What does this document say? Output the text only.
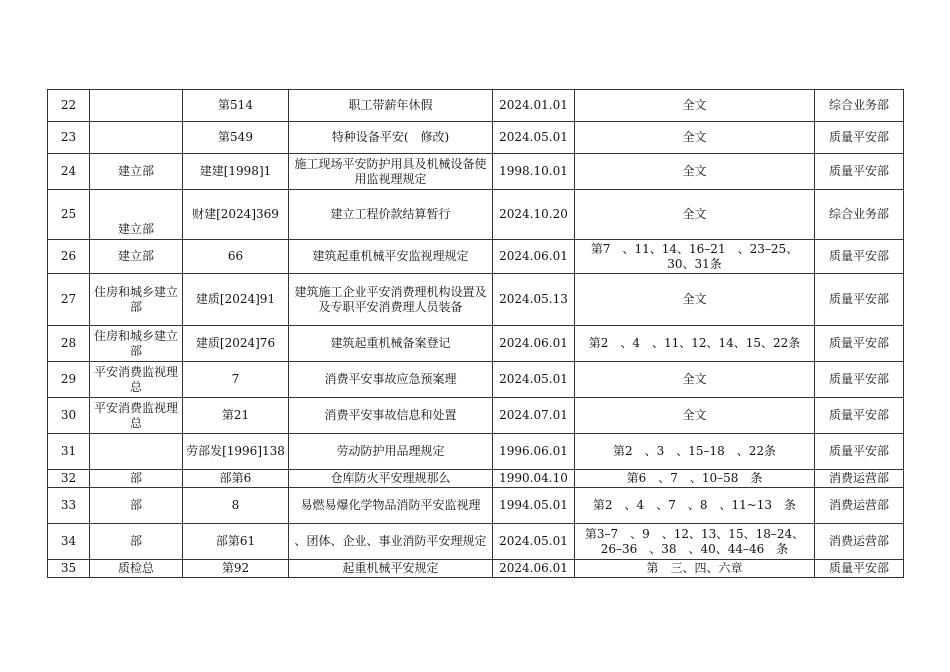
22		第514	职工带薪年休假	2024.01.01	全文	综合业务部
23		第549	特种设备平安(　修改)	2024.05.01	全文	质量平安部
24	建立部	建建[1998]1	施工现场平安防护用具及机械设备使用监视理规定	1998.10.01	全文	质量平安部
25	建立部	财建[2024]369	建立工程价款结算暂行	2024.10.20	全文	综合业务部
26	建立部	66	建筑起重机械平安监视理规定	2024.06.01	第7　、11、14、16–21　、23–25、30、31条	质量平安部
27	住房和城乡建立部	建质[2024]91	建筑施工企业平安消费理机构设置及及专职平安消费理人员装备	2024.05.13	全文	质量平安部
28	住房和城乡建立部	建质[2024]76	建筑起重机械备案登记	2024.06.01	第2　、4　、11、12、14、15、22条	质量平安部
29	平安消费监视理总	7	消费平安事故应急预案理	2024.05.01	全文	质量平安部
30	平安消费监视理总	第21	消费平安事故信息和处置	2024.07.01	全文	质量平安部
31		劳部发[1996]138	劳动防护用品理规定	1996.06.01	第2　、3　、15–18　、22条	质量平安部
32	部	部第6	仓库防火平安理规那么	1990.04.10	第6　、7　、10–58　条	消费运营部
33	部	8	易燃易爆化学物品消防平安监视理	1994.05.01	第2　、4　、7　、8　、11~13　条	消费运营部
34	部	部第61	、团体、企业、事业消防平安理规定	2024.05.01	第3–7　、9　、12、13、15、18–24、26–36　、38　、40、44–46　条	消费运营部
35	质检总	第92	起重机械平安规定	2024.06.01	第　三、四、六章	质量平安部
